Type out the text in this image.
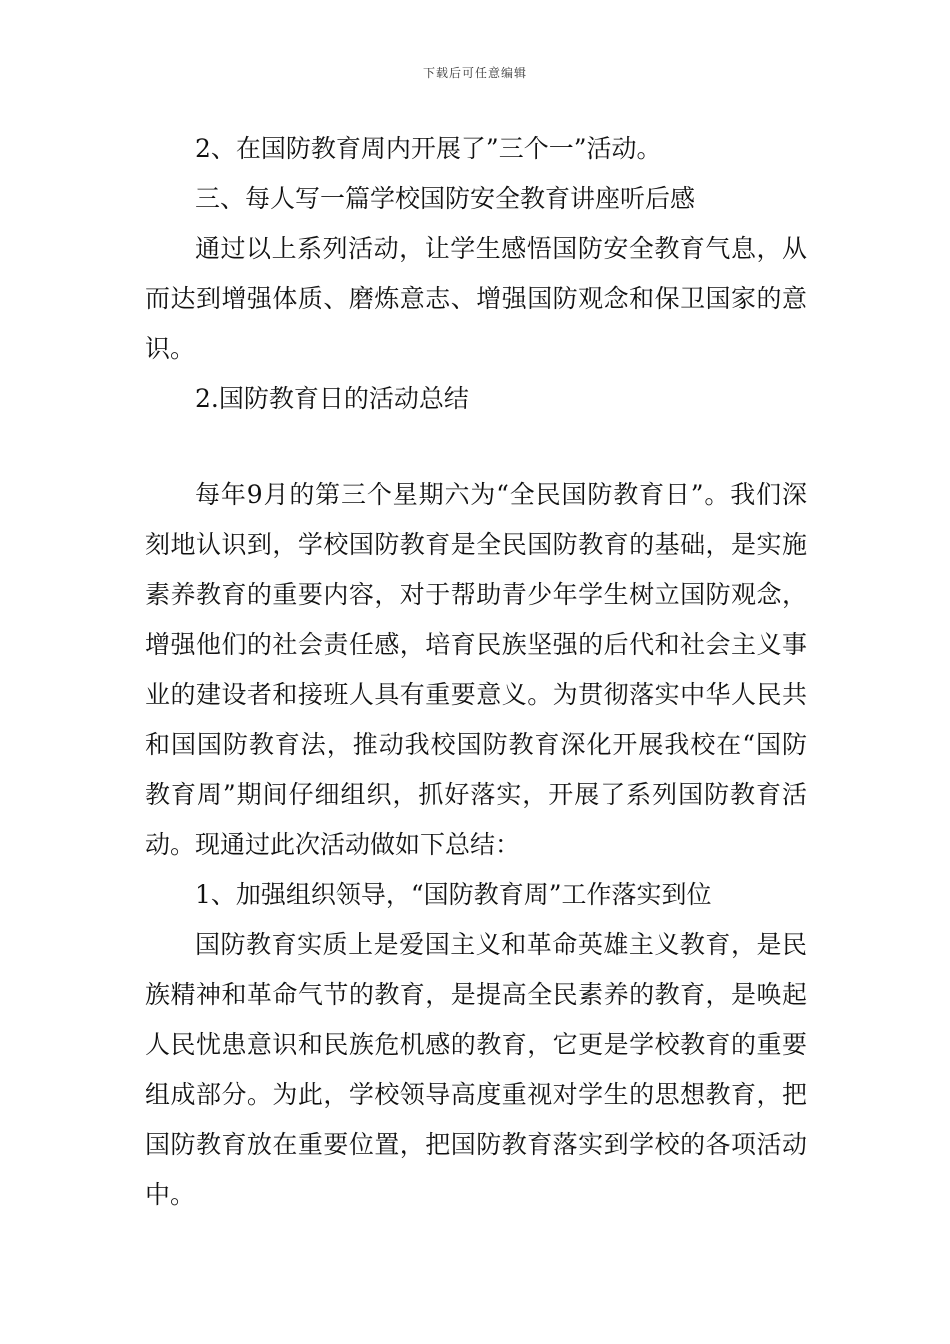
下载后可任意编辑

2、在国防教育周内开展了”三个一”活动。

三、每人写一篇学校国防安全教育讲座听后感

通过以上系列活动，让学生感悟国防安全教育气息，从而达到增强体质、磨炼意志、增强国防观念和保卫国家的意识。

2.国防教育日的活动总结

每年9月的第三个星期六为“全民国防教育日”。我们深刻地认识到，学校国防教育是全民国防教育的基础，是实施素养教育的重要内容，对于帮助青少年学生树立国防观念，增强他们的社会责任感，培育民族坚强的后代和社会主义事业的建设者和接班人具有重要意义。为贯彻落实中华人民共和国国防教育法，推动我校国防教育深化开展我校在“国防教育周”期间仔细组织，抓好落实，开展了系列国防教育活动。现通过此次活动做如下总结：

1、加强组织领导，“国防教育周”工作落实到位

国防教育实质上是爱国主义和革命英雄主义教育，是民族精神和革命气节的教育，是提高全民素养的教育，是唤起人民忧患意识和民族危机感的教育，它更是学校教育的重要组成部分。为此，学校领导高度重视对学生的思想教育，把国防教育放在重要位置，把国防教育落实到学校的各项活动中。
